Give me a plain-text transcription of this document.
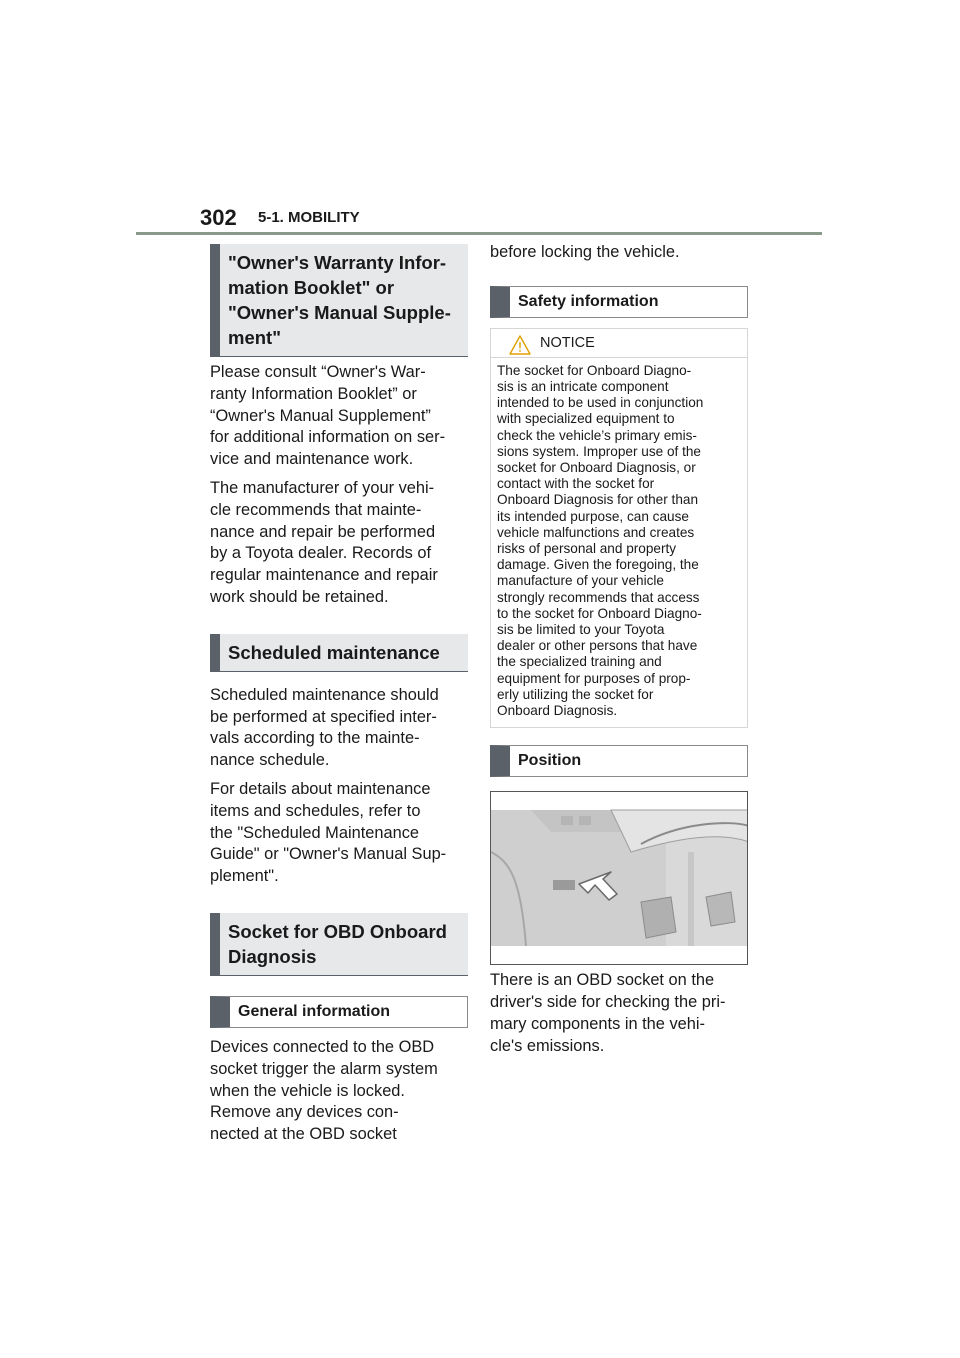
302 5-1. MOBILITY
"Owner's Warranty Infor-
mation Booklet" or
"Owner's Manual Supple-
ment"

Please consult “Owner's War-
ranty Information Booklet” or
“Owner's Manual Supplement”
for additional information on ser-
vice and maintenance work.

The manufacturer of your vehi-
cle recommends that mainte-
nance and repair be performed
by a Toyota dealer. Records of
regular maintenance and repair
work should be retained.

Scheduled maintenance

Scheduled maintenance should
be performed at specified inter-
vals according to the mainte-
nance schedule.

For details about maintenance
items and schedules, refer to
the "Scheduled Maintenance
Guide" or "Owner's Manual Sup-
plement".

Socket for OBD Onboard
Diagnosis
General information

Devices connected to the OBD
socket trigger the alarm system
when the vehicle is locked.
Remove any devices con-
nected at the OBD socket

before locking the vehicle.

Safety information
NOTICE
The socket for Onboard Diagno-
sis is an intricate component
intended to be used in conjunction
with specialized equipment to
check the vehicle’s primary emis-
sions system. Improper use of the
socket for Onboard Diagnosis, or
contact with the socket for
Onboard Diagnosis for other than
its intended purpose, can cause
vehicle malfunctions and creates
risks of personal and property
damage. Given the foregoing, the
manufacture of your vehicle
strongly recommends that access
to the socket for Onboard Diagno-
sis be limited to your Toyota
dealer or other persons that have
the specialized training and
equipment for purposes of prop-
erly utilizing the socket for
Onboard Diagnosis.
Position

There is an OBD socket on the
driver's side for checking the pri-
mary components in the vehi-
cle's emissions.
